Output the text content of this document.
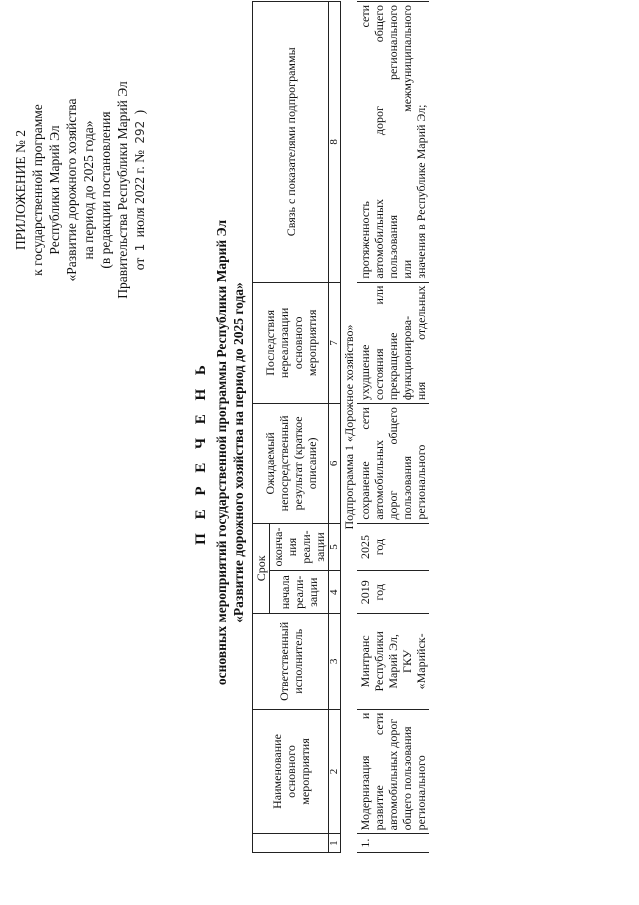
ПРИЛОЖЕНИЕ № 2 к государственной программе Республики Марий Эл «Развитие дорожного хозяйства на период до 2025 года» (в редакции постановления Правительства Республики Марий Эл от 1 июля 2022 г. № 292 )
П Е Р Е Ч Е Н Ь основных мероприятий государственной программы Республики Марий Эл «Развитие дорожного хозяйства на период до 2025 года»
	Наименование основного мероприятия	Ответственный исполнитель	Срок		Ожидаемый непосредственный результат (краткое описание)	Последствия нереализации основного мероприятия	Связь с показателями подпрограммы
			начала реали-зации	оконча-ния реали-зации			
1	2	3	4	5	6	7	8
Подпрограмма 1 «Дорожное хозяйство»							
1.	Модернизация и развитие сети автомобильных дорог общего пользования регионального	Минтранс Республики Марий Эл, ГКУ «Марийск-	2019 год	2025 год	сохранение сети автомобильных дорог общего пользования регионального	ухудшение состояния или прекращение функционирова- ния отдельных	протяженность сети автомобильных дорог общего пользования регионального или межмуниципального значения в Республике Марий Эл;
